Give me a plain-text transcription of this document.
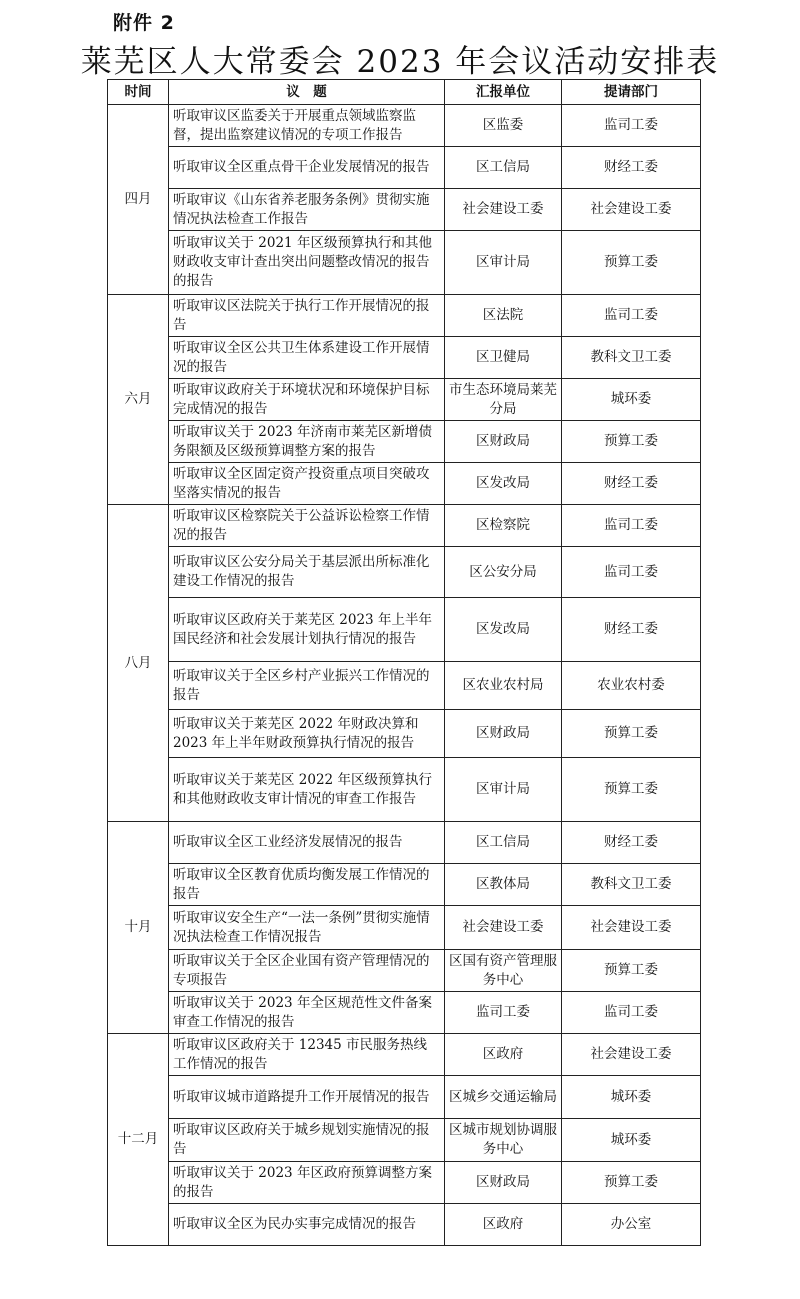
附件 2
莱芜区人大常委会 2023 年会议活动安排表
时间	议　题	汇报单位	提请部门
四月	听取审议区监委关于开展重点领域监察监督，提出监察建议情况的专项工作报告	区监委	监司工委
	听取审议全区重点骨干企业发展情况的报告	区工信局	财经工委
	听取审议《山东省养老服务条例》贯彻实施情况执法检查工作报告	社会建设工委	社会建设工委
	听取审议关于 2021 年区级预算执行和其他财政收支审计查出突出问题整改情况的报告的报告	区审计局	预算工委
六月	听取审议区法院关于执行工作开展情况的报告	区法院	监司工委
	听取审议全区公共卫生体系建设工作开展情况的报告	区卫健局	教科文卫工委
	听取审议政府关于环境状况和环境保护目标完成情况的报告	市生态环境局莱芜分局	城环委
	听取审议关于 2023 年济南市莱芜区新增债务限额及区级预算调整方案的报告	区财政局	预算工委
	听取审议全区固定资产投资重点项目突破攻坚落实情况的报告	区发改局	财经工委
八月	听取审议区检察院关于公益诉讼检察工作情况的报告	区检察院	监司工委
	听取审议区公安分局关于基层派出所标准化建设工作情况的报告	区公安分局	监司工委
	听取审议区政府关于莱芜区 2023 年上半年国民经济和社会发展计划执行情况的报告	区发改局	财经工委
	听取审议关于全区乡村产业振兴工作情况的报告	区农业农村局	农业农村委
	听取审议关于莱芜区 2022 年财政决算和 2023 年上半年财政预算执行情况的报告	区财政局	预算工委
	听取审议关于莱芜区 2022 年区级预算执行和其他财政收支审计情况的审查工作报告	区审计局	预算工委
十月	听取审议全区工业经济发展情况的报告	区工信局	财经工委
	听取审议全区教育优质均衡发展工作情况的报告	区教体局	教科文卫工委
	听取审议安全生产“一法一条例”贯彻实施情况执法检查工作情况报告	社会建设工委	社会建设工委
	听取审议关于全区企业国有资产管理情况的专项报告	区国有资产管理服务中心	预算工委
	听取审议关于 2023 年全区规范性文件备案审查工作情况的报告	监司工委	监司工委
十二月	听取审议区政府关于 12345 市民服务热线工作情况的报告	区政府	社会建设工委
	听取审议城市道路提升工作开展情况的报告	区城乡交通运输局	城环委
	听取审议区政府关于城乡规划实施情况的报告	区城市规划协调服务中心	城环委
	听取审议关于 2023 年区政府预算调整方案的报告	区财政局	预算工委
	听取审议全区为民办实事完成情况的报告	区政府	办公室
